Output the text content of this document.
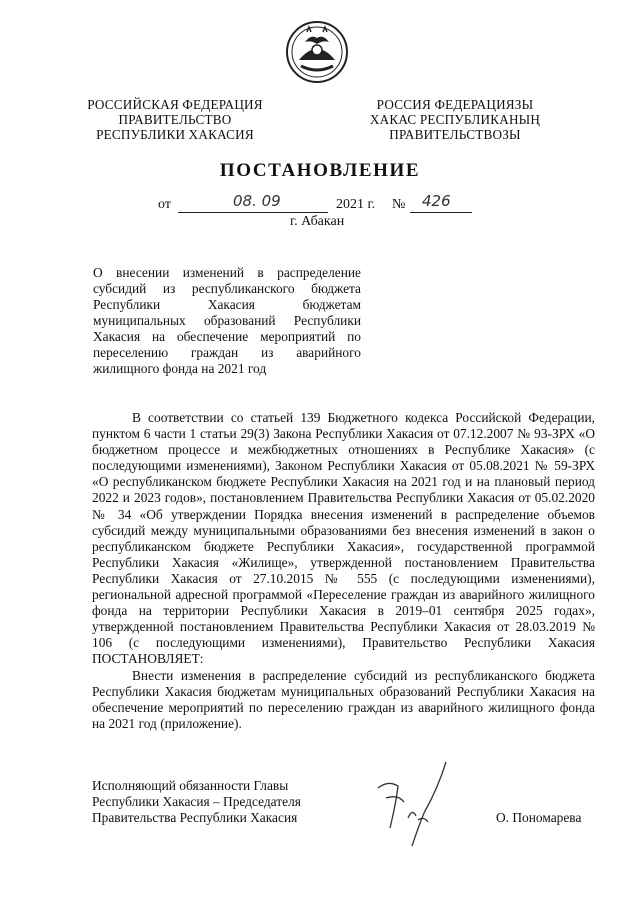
РОССИЙСКАЯ ФЕДЕРАЦИЯ
ПРАВИТЕЛЬСТВО
РЕСПУБЛИКИ ХАКАСИЯ
РОССИЯ ФЕДЕРАЦИЯЗЫ
ХАКАС РЕСПУБЛИКАНЫҢ
ПРАВИТЕЛЬСТВОЗЫ
ПОСТАНОВЛЕНИЕ
от	08. 09	2021 г. № 426
г. Абакан
О внесении изменений в распределение субсидий из республиканского бюджета Республики Хакасия бюджетам муниципальных образований Республики Хакасия на обеспечение мероприятий по переселению граждан из аварийного жилищного фонда на 2021 год

В соответствии со статьей 139 Бюджетного кодекса Российской Федерации, пунктом 6 части 1 статьи 29(3) Закона Республики Хакасия от 07.12.2007 № 93-ЗРХ «О бюджетном процессе и межбюджетных отношениях в Республике Хакасия» (с последующими изменениями), Законом Республики Хакасия от 05.08.2021 № 59-ЗРХ «О республиканском бюджете Республики Хакасия на 2021 год и на плановый период 2022 и 2023 годов», постановлением Правительства Республики Хакасия от 05.02.2020 № 34 «Об утверждении Порядка внесения изменений в распределение объемов субсидий между муниципальными образованиями без внесения изменений в закон о республиканском бюджете Республики Хакасия», государственной программой Республики Хакасия «Жилище», утвержденной постановлением Правительства Республики Хакасия от 27.10.2015 № 555 (с последующими изменениями), региональной адресной программой «Переселение граждан из аварийного жилищного фонда на территории Республики Хакасия в 2019–01 сентября 2025 годах», утвержденной постановлением Правительства Республики Хакасия от 28.03.2019 № 106 (с последующими изменениями), Правительство Республики Хакасия ПОСТАНОВЛЯЕТ:

Внести изменения в распределение субсидий из республиканского бюджета Республики Хакасия бюджетам муниципальных образований Республики Хакасия на обеспечение мероприятий по переселению граждан из аварийного жилищного фонда на 2021 год (приложение).

Исполняющий обязанности Главы
Республики Хакасия – Председателя
Правительства Республики Хакасия	О. Пономарева
